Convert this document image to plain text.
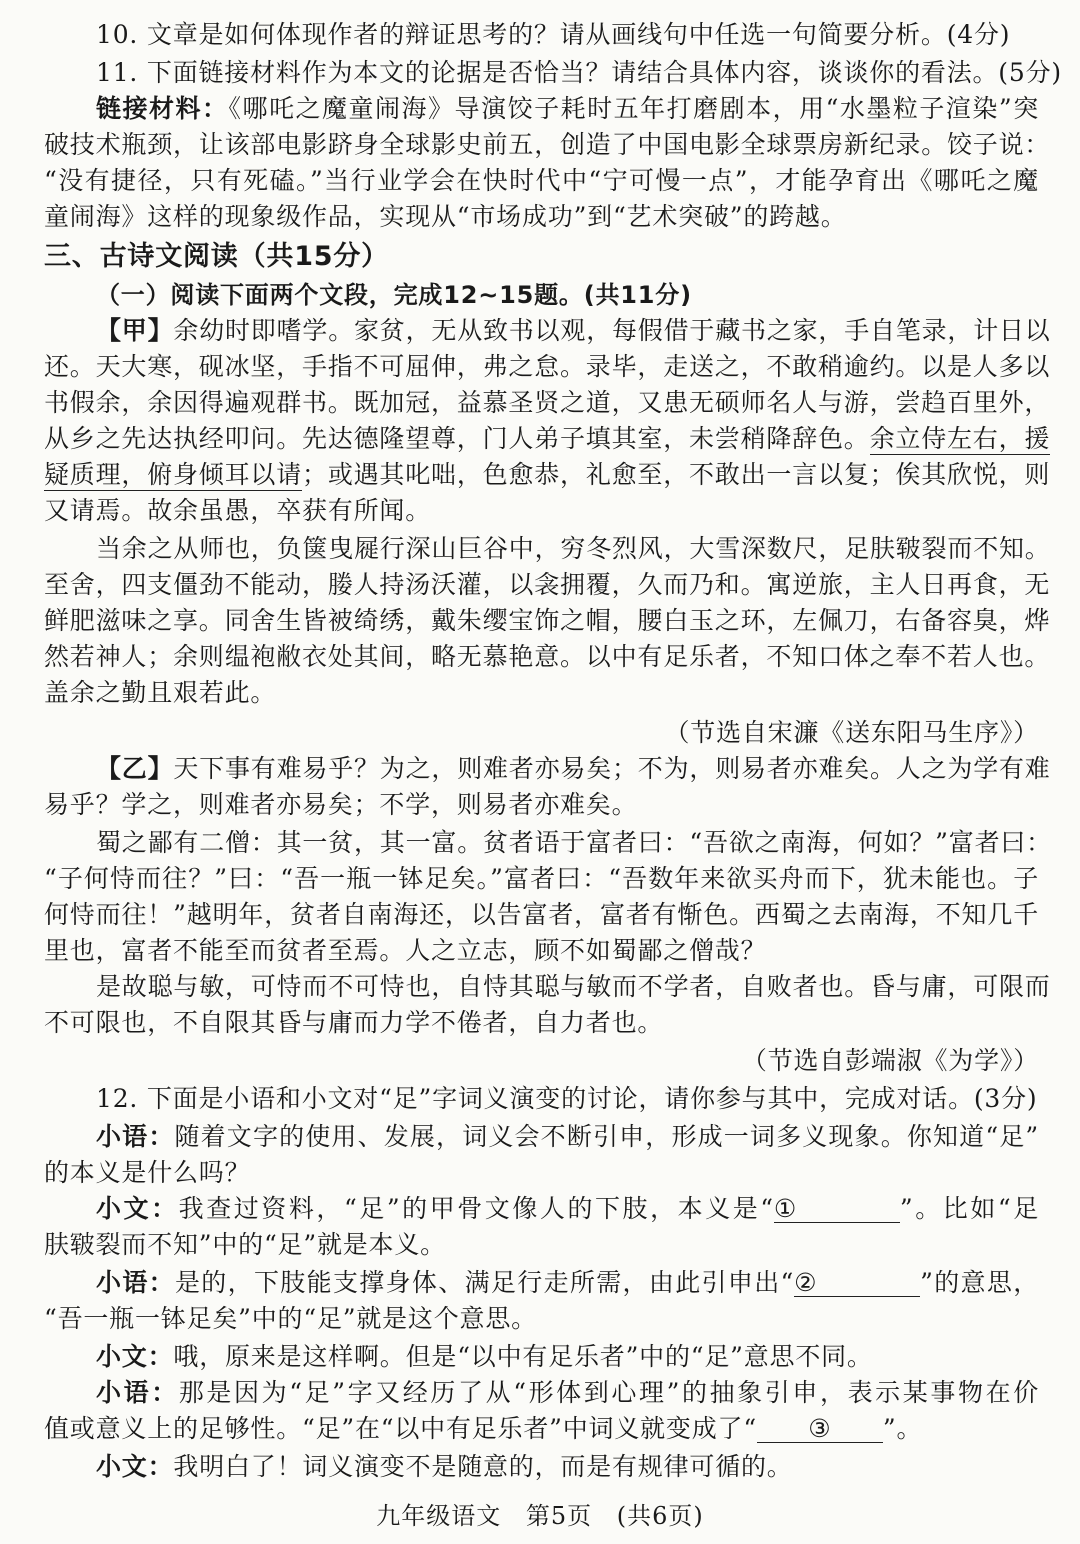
10. 文章是如何体现作者的辩证思考的？请从画线句中任选一句简要分析。(4分)
11. 下面链接材料作为本文的论据是否恰当？请结合具体内容，谈谈你的看法。(5分)
链接材料：《哪吒之魔童闹海》导演饺子耗时五年打磨剧本，用“水墨粒子渲染”突
破技术瓶颈，让该部电影跻身全球影史前五，创造了中国电影全球票房新纪录。饺子说：
“没有捷径，只有死磕。”当行业学会在快时代中“宁可慢一点”，才能孕育出《哪吒之魔
童闹海》这样的现象级作品，实现从“市场成功”到“艺术突破”的跨越。
三、古诗文阅读（共15分）
（一）阅读下面两个文段，完成12~15题。(共11分)
【甲】余幼时即嗜学。家贫，无从致书以观，每假借于藏书之家，手自笔录，计日以
还。天大寒，砚冰坚，手指不可屈伸，弗之怠。录毕，走送之，不敢稍逾约。以是人多以
书假余，余因得遍观群书。既加冠，益慕圣贤之道，又患无硕师名人与游，尝趋百里外，
从乡之先达执经叩问。先达德隆望尊，门人弟子填其室，未尝稍降辞色。余立侍左右，援
疑质理，俯身倾耳以请；或遇其叱咄，色愈恭，礼愈至，不敢出一言以复；俟其欣悦，则
又请焉。故余虽愚，卒获有所闻。
当余之从师也，负箧曳屣行深山巨谷中，穷冬烈风，大雪深数尺，足肤皲裂而不知。
至舍，四支僵劲不能动，媵人持汤沃灌，以衾拥覆，久而乃和。寓逆旅，主人日再食，无
鲜肥滋味之享。同舍生皆被绮绣，戴朱缨宝饰之帽，腰白玉之环，左佩刀，右备容臭，烨
然若神人；余则缊袍敝衣处其间，略无慕艳意。以中有足乐者，不知口体之奉不若人也。
盖余之勤且艰若此。
（节选自宋濂《送东阳马生序》）
【乙】天下事有难易乎？为之，则难者亦易矣；不为，则易者亦难矣。人之为学有难
易乎？学之，则难者亦易矣；不学，则易者亦难矣。
蜀之鄙有二僧：其一贫，其一富。贫者语于富者曰：“吾欲之南海，何如？”富者曰：
“子何恃而往？”曰：“吾一瓶一钵足矣。”富者曰：“吾数年来欲买舟而下，犹未能也。子
何恃而往！”越明年，贫者自南海还，以告富者，富者有惭色。西蜀之去南海，不知几千
里也，富者不能至而贫者至焉。人之立志，顾不如蜀鄙之僧哉？
是故聪与敏，可恃而不可恃也，自恃其聪与敏而不学者，自败者也。昏与庸，可限而
不可限也，不自限其昏与庸而力学不倦者，自力者也。
（节选自彭端淑《为学》）
12. 下面是小语和小文对“足”字词义演变的讨论，请你参与其中，完成对话。(3分)
小语：随着文字的使用、发展，词义会不断引申，形成一词多义现象。你知道“足”
的本义是什么吗？
小文：我查过资料，“足”的甲骨文像人的下肢，本义是“①	”。比如“足
肤皲裂而不知”中的“足”就是本义。
小语：是的，下肢能支撑身体、满足行走所需，由此引申出“②	”的意思，
“吾一瓶一钵足矣”中的“足”就是这个意思。
小文：哦，原来是这样啊。但是“以中有足乐者”中的“足”意思不同。
小语：那是因为“足”字又经历了从“形体到心理”的抽象引申，表示某事物在价
值或意义上的足够性。“足”在“以中有足乐者”中词义就变成了“ ③ ”。
小文：我明白了！词义演变不是随意的，而是有规律可循的。
九年级语文 第5页 (共6页)
